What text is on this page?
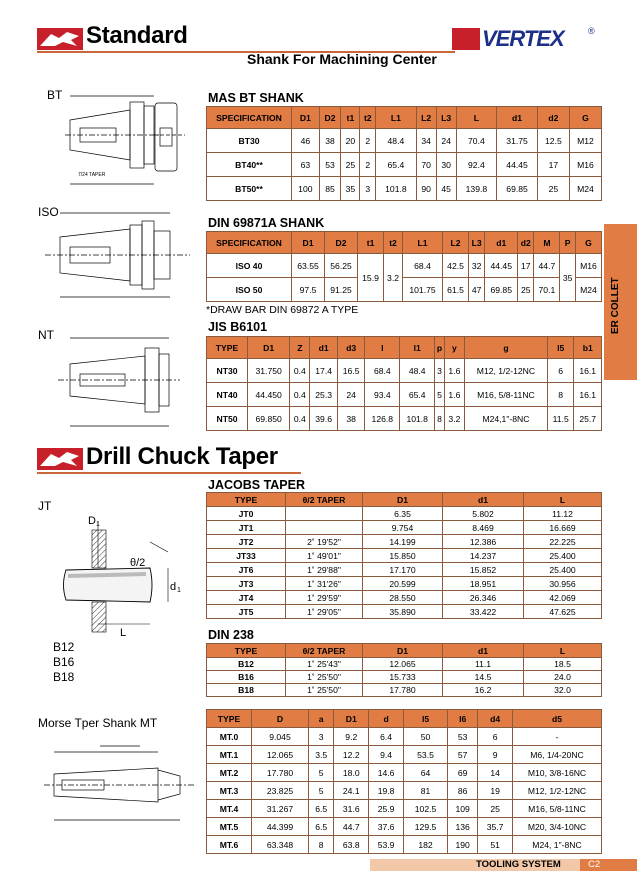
Standard
Shank For Machining Center
VERTEX	®
ER COLLET
BT
ISO
NT
7/24 TAPER
MAS BT SHANK
SPECIFICATION	D1	D2	t1	t2	L1	L2	L3	L	d1	d2	G
BT30	46	38	20	2	48.4	34	24	70.4	31.75	12.5	M12
BT40**	63	53	25	2	65.4	70	30	92.4	44.45	17	M16
BT50**	100	85	35	3	101.8	90	45	139.8	69.85	25	M24
DIN 69871A SHANK
SPECIFICATION	D1	D2	t1	t2	L1	L2	L3	d1	d2	M	P	G
ISO 40	63.55	56.25	15.9	3.2	68.4	42.5	32	44.45	17	44.7	35	M16
ISO 50	97.5	91.25			101.75	61.5	47	69.85	25	70.1		M24
*DRAW BAR DIN 69872 A TYPE
JIS B6101
TYPE	D1	Z	d1	d3	l	l1	p	y	g	l5	b1
NT30	31.750	0.4	17.4	16.5	68.4	48.4	3	1.6	M12, 1/2-12NC	6	16.1
NT40	44.450	0.4	25.3	24	93.4	65.4	5	1.6	M16, 5/8-11NC	8	16.1
NT50	69.850	0.4	39.6	38	126.8	101.8	8	3.2	M24,1"-8NC	11.5	25.7
Drill Chuck Taper
JT
D 1
θ/2
d 1
L
B12
B16
B18
JACOBS TAPER
TYPE	θ/2 TAPER	D1	d1	L
JT0		6.35	5.802	11.12
JT1		9.754	8.469	16.669
JT2	2˚ 19'52"	14.199	12.386	22.225
JT33	1˚ 49'01"	15.850	14.237	25.400
JT6	1˚ 29'88"	17.170	15.852	25.400
JT3	1˚ 31'26"	20.599	18.951	30.956
JT4	1˚ 29'59"	28.550	26.346	42.069
JT5	1˚ 29'05"	35.890	33.422	47.625
DIN 238
TYPE	θ/2 TAPER	D1	d1	L
B12	1˚ 25'43"	12.065	11.1	18.5
B16	1˚ 25'50"	15.733	14.5	24.0
B18	1˚ 25'50"	17.780	16.2	32.0
Morse Tper Shank MT	TYPE	D	a	D1	d	l5	l6	d4	d5
MT.0	9.045	3	9.2	6.4	50	53	6	-
MT.1	12.065	3.5	12.2	9.4	53.5	57	9	M6, 1/4-20NC
MT.2	17.780	5	18.0	14.6	64	69	14	M10, 3/8-16NC
MT.3	23.825	5	24.1	19.8	81	86	19	M12, 1/2-12NC
MT.4	31.267	6.5	31.6	25.9	102.5	109	25	M16, 5/8-11NC
MT.5	44.399	6.5	44.7	37.6	129.5	136	35.7	M20, 3/4-10NC
MT.6	63.348	8	63.8	53.9	182	190	51	M24, 1"-8NC
TOOLING SYSTEM	C2
